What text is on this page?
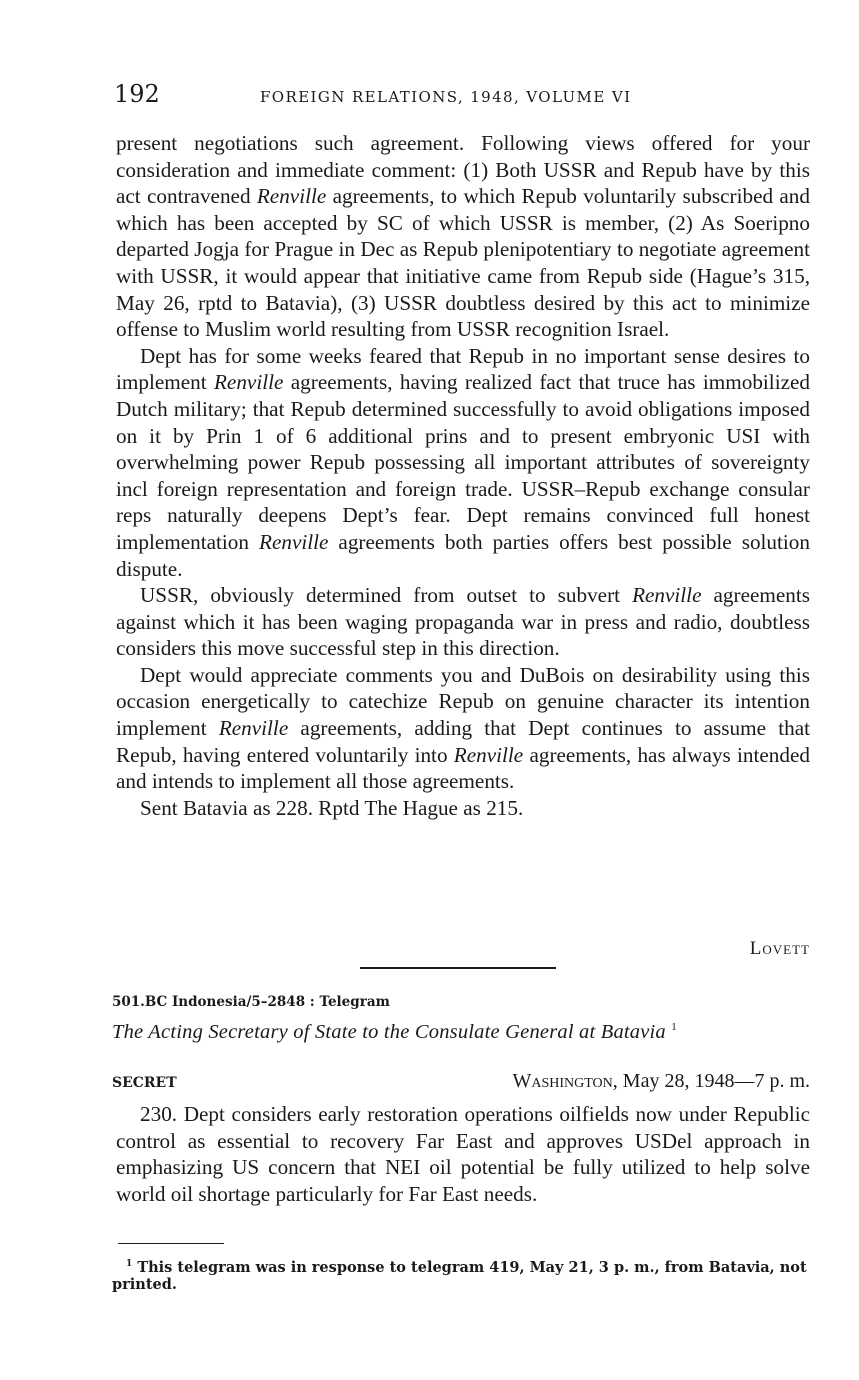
192	FOREIGN RELATIONS, 1948, VOLUME VI

present negotiations such agreement. Following views offered for your consideration and immediate comment: (1) Both USSR and Repub have by this act contravened Renville agreements, to which Repub voluntarily subscribed and which has been accepted by SC of which USSR is member, (2) As Soeripno departed Jogja for Prague in Dec as Repub plenipotentiary to negotiate agreement with USSR, it would appear that initiative came from Repub side (Hague’s 315, May 26, rptd to Batavia), (3) USSR doubtless desired by this act to minimize offense to Muslim world resulting from USSR recognition Israel.

Dept has for some weeks feared that Repub in no important sense desires to implement Renville agreements, having realized fact that truce has immobilized Dutch military; that Repub determined successfully to avoid obligations imposed on it by Prin 1 of 6 additional prins and to present embryonic USI with overwhelming power Repub possessing all important attributes of sovereignty incl foreign representation and foreign trade. USSR–Repub exchange consular reps naturally deepens Dept’s fear. Dept remains convinced full honest implementation Renville agreements both parties offers best possible solution dispute.

USSR, obviously determined from outset to subvert Renville agreements against which it has been waging propaganda war in press and radio, doubtless considers this move successful step in this direction.

Dept would appreciate comments you and DuBois on desirability using this occasion energetically to catechize Repub on genuine character its intention implement Renville agreements, adding that Dept continues to assume that Repub, having entered voluntarily into Renville agreements, has always intended and intends to implement all those agreements.

Sent Batavia as 228. Rptd The Hague as 215.

Lovett
501.BC Indonesia/5–2848 : Telegram
The Acting Secretary of State to the Consulate General at Batavia $^1$
SECRET	Washington, May 28, 1948—7 p. m.

230. Dept considers early restoration operations oilfields now under Republic control as essential to recovery Far East and approves USDel approach in emphasizing US concern that NEI oil potential be fully utilized to help solve world oil shortage particularly for Far East needs.

$^1$ This telegram was in response to telegram 419, May 21, 3 p. m., from Batavia, not printed.
